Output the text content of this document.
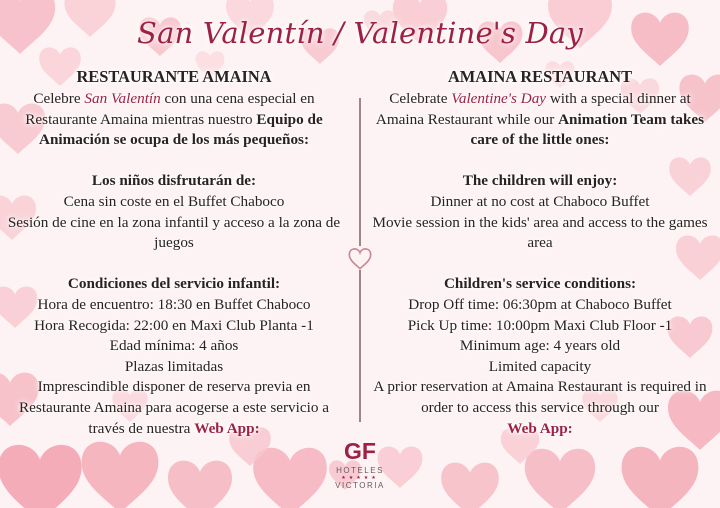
San Valentín / Valentine's Day
RESTAURANTE AMAINA
Celebre San Valentín con una cena especial en Restaurante Amaina mientras nuestro Equipo de Animación se ocupa de los más pequeños:
Los niños disfrutarán de:
Cena sin coste en el Buffet Chaboco
Sesión de cine en la zona infantil y acceso a la zona de juegos
Condiciones del servicio infantil:
Hora de encuentro: 18:30 en Buffet Chaboco
Hora Recogida: 22:00 en Maxi Club Planta -1
Edad mínima: 4 años
Plazas limitadas
Imprescindible disponer de reserva previa en Restaurante Amaina para acogerse a este servicio a través de nuestra Web App:
AMAINA RESTAURANT
Celebrate Valentine's Day with a special dinner at Amaina Restaurant while our Animation Team takes care of the little ones:
The children will enjoy:
Dinner at no cost at Chaboco Buffet
Movie session in the kids' area and access to the games area
Children's service conditions:
Drop Off time: 06:30pm at Chaboco Buffet
Pick Up time: 10:00pm Maxi Club Floor -1
Minimum age: 4 years old
Limited capacity
A prior reservation at Amaina Restaurant is required in order to access this service through our
Web App:
GF
HOTELES
★★★★★
VICTORIA
